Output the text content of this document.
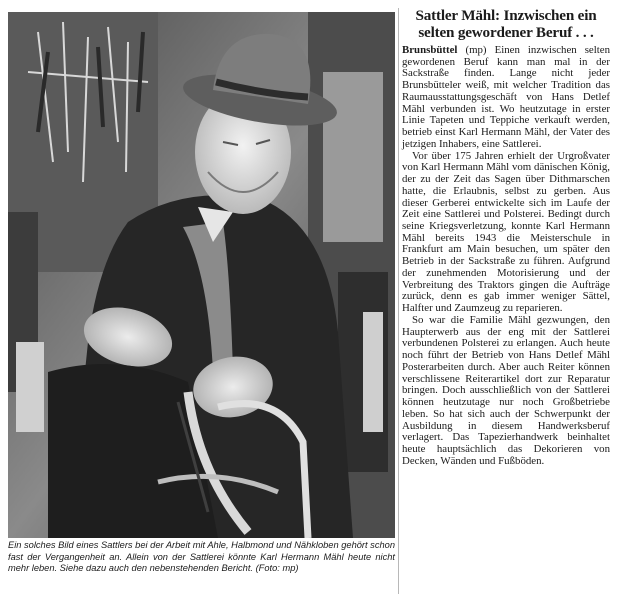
Ein solches Bild eines Sattlers bei der Arbeit mit Ahle, Halbmond und Nähkloben gehört schon fast der Vergangenheit an. Allein von der Sattlerei könnte Karl Hermann Mähl heute nicht mehr leben. Siehe dazu auch den nebenstehenden Bericht. (Foto: mp)

Sattler Mähl: Inzwischen ein selten gewordener Beruf . . .

Brunsbüttel (mp) Einen inzwischen selten gewordenen Beruf kann man mal in der Sackstraße finden. Lange nicht jeder Brunsbütteler weiß, mit welcher Tradition das Raumausstattungsgeschäft von Hans Detlef Mähl verbunden ist. Wo heutzutage in erster Linie Tapeten und Teppiche verkauft werden, betrieb einst Karl Hermann Mähl, der Vater des jetzigen Inhabers, eine Sattlerei.

Vor über 175 Jahren erhielt der Urgroßvater von Karl Hermann Mähl vom dänischen König, der zu der Zeit das Sagen über Dithmarschen hatte, die Erlaubnis, selbst zu gerben. Aus dieser Gerberei entwickelte sich im Laufe der Zeit eine Sattlerei und Polsterei. Bedingt durch seine Kriegsverletzung, konnte Karl Hermann Mähl bereits 1943 die Meisterschule in Frankfurt am Main besuchen, um später den Betrieb in der Sackstraße zu führen. Aufgrund der zunehmenden Motorisierung und der Verbreitung des Traktors gingen die Aufträge zurück, denn es gab immer weniger Sättel, Halfter und Zaumzeug zu reparieren.

So war die Familie Mähl gezwungen, den Haupterwerb aus der eng mit der Sattlerei verbundenen Polsterei zu erlangen. Auch heute noch führt der Betrieb von Hans Detlef Mähl Posterarbeiten durch. Aber auch Reiter können verschlissene Reiterartikel dort zur Reparatur bringen. Doch ausschließlich von der Sattlerei können heutzutage nur noch Großbetriebe leben. So hat sich auch der Schwerpunkt der Ausbildung in diesem Handwerksberuf verlagert. Das Tapezierhandwerk beinhaltet heute hauptsächlich das Dekorieren von Decken, Wänden und Fußböden.
